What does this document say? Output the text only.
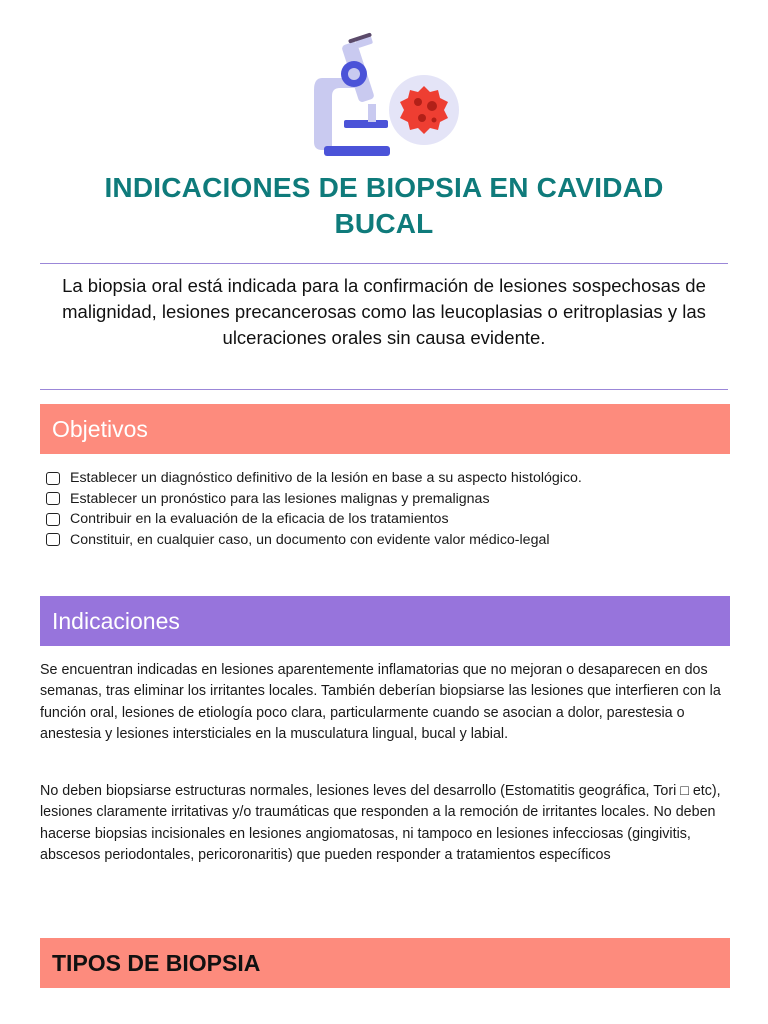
INDICACIONES DE BIOPSIA EN CAVIDAD
BUCAL

La biopsia oral está indicada para la confirmación de lesiones sospechosas de malignidad, lesiones precancerosas como las leucoplasias o eritroplasias y las ulceraciones orales sin causa evidente.

Objetivos
Establecer un diagnóstico definitivo de la lesión en base a su aspecto histológico.
Establecer un pronóstico para las lesiones malignas y premalignas
Contribuir en la evaluación de la eficacia de los tratamientos
Constituir, en cualquier caso, un documento con evidente valor médico-legal
Indicaciones

Se encuentran indicadas en lesiones aparentemente inflamatorias que no mejoran o desaparecen en dos semanas, tras eliminar los irritantes locales. También deberían biopsiarse las lesiones que interfieren con la función oral, lesiones de etiología poco clara, particularmente cuando se asocian a dolor, parestesia o anestesia y lesiones intersticiales en la musculatura lingual, bucal y labial.

No deben biopsiarse estructuras normales, lesiones leves del desarrollo (Estomatitis geográfica, Tori □ etc), lesiones claramente irritativas y/o traumáticas que responden a la remoción de irritantes locales. No deben hacerse biopsias incisionales en lesiones angiomatosas, ni tampoco en lesiones infecciosas (gingivitis, abscesos periodontales, pericoronaritis) que pueden responder a tratamientos específicos

TIPOS DE BIOPSIA
